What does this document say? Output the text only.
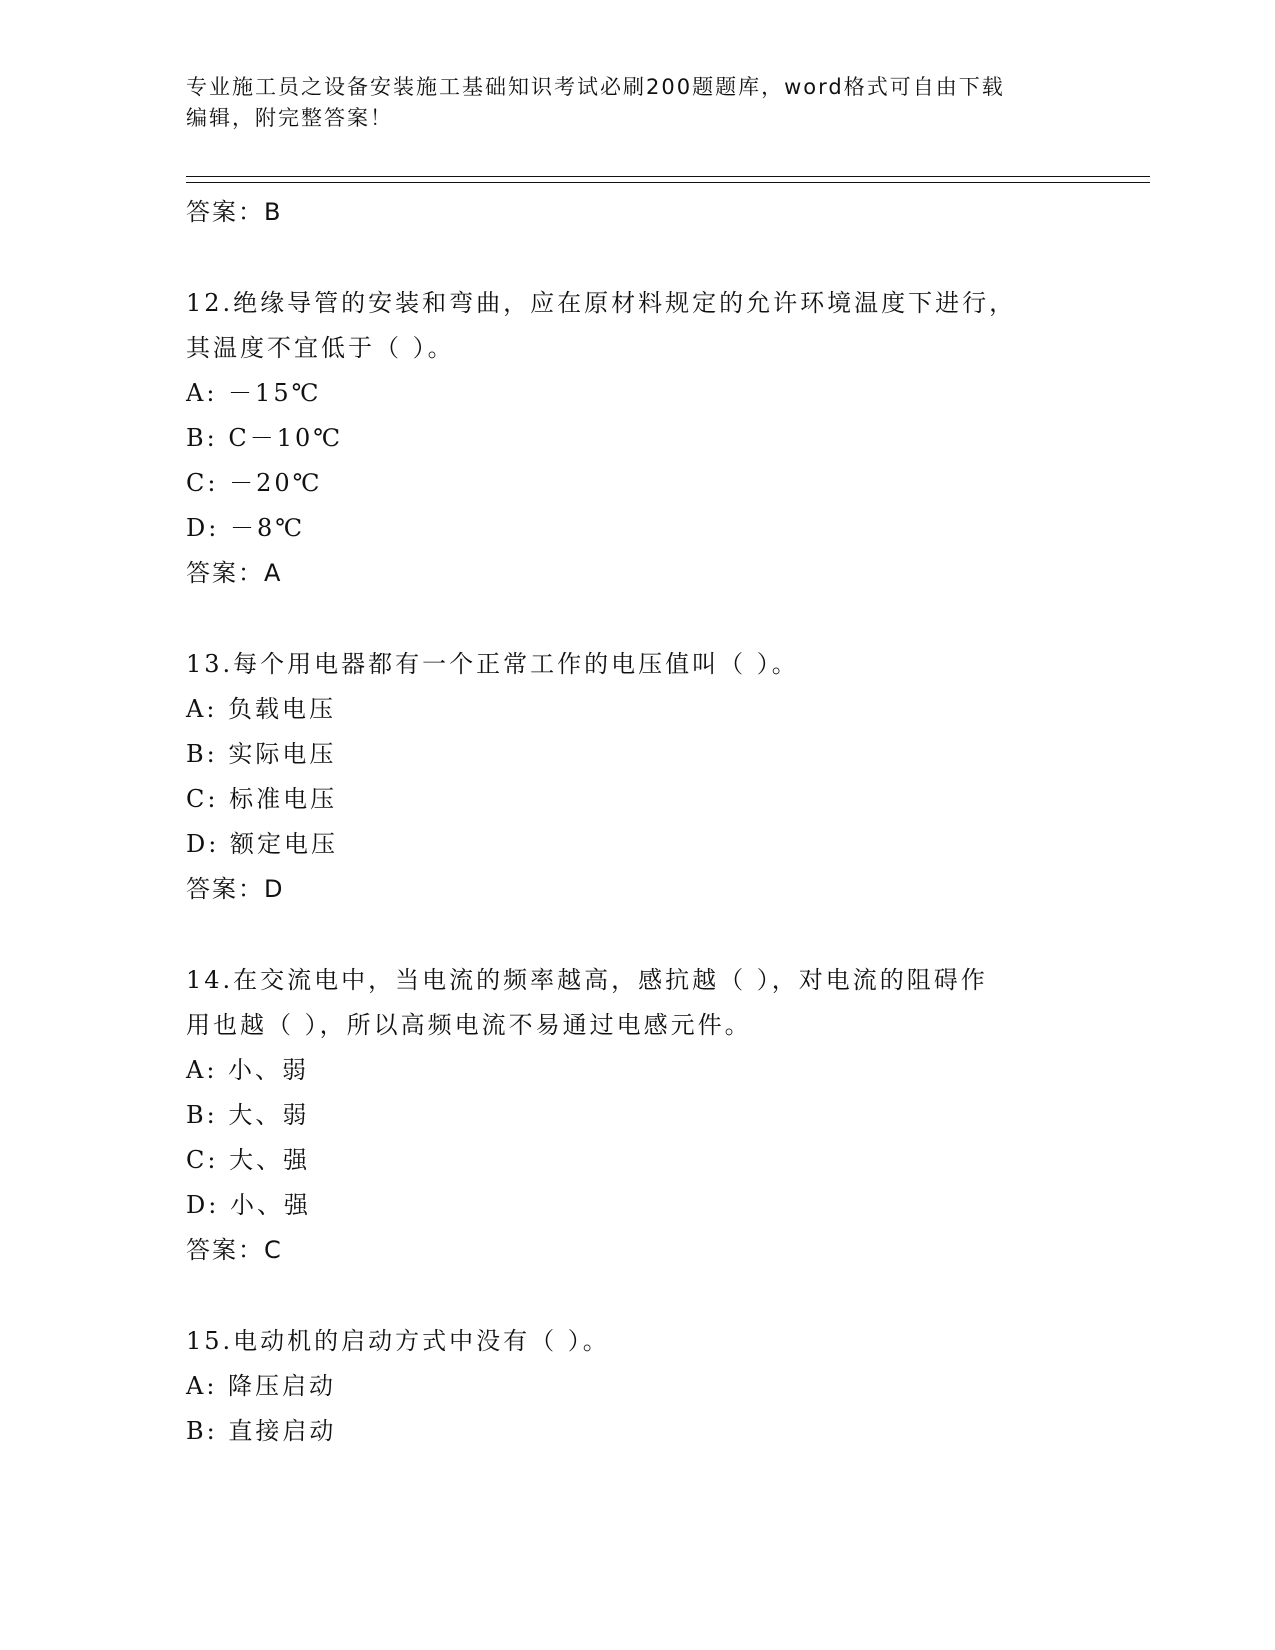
专业施工员之设备安装施工基础知识考试必刷200题题库，word格式可自由下载
编辑，附完整答案！
答案：B
12.绝缘导管的安装和弯曲，应在原材料规定的允许环境温度下进行，
其温度不宜低于（ ）。
A: －15℃
B: C－10℃
C: －20℃
D: －8℃
答案：A
13.每个用电器都有一个正常工作的电压值叫（ ）。
A: 负载电压
B: 实际电压
C: 标准电压
D: 额定电压
答案：D
14.在交流电中，当电流的频率越高，感抗越（ ），对电流的阻碍作
用也越（ ），所以高频电流不易通过电感元件。
A: 小、弱
B: 大、弱
C: 大、强
D: 小、强
答案：C
15.电动机的启动方式中没有（ ）。
A: 降压启动
B: 直接启动
